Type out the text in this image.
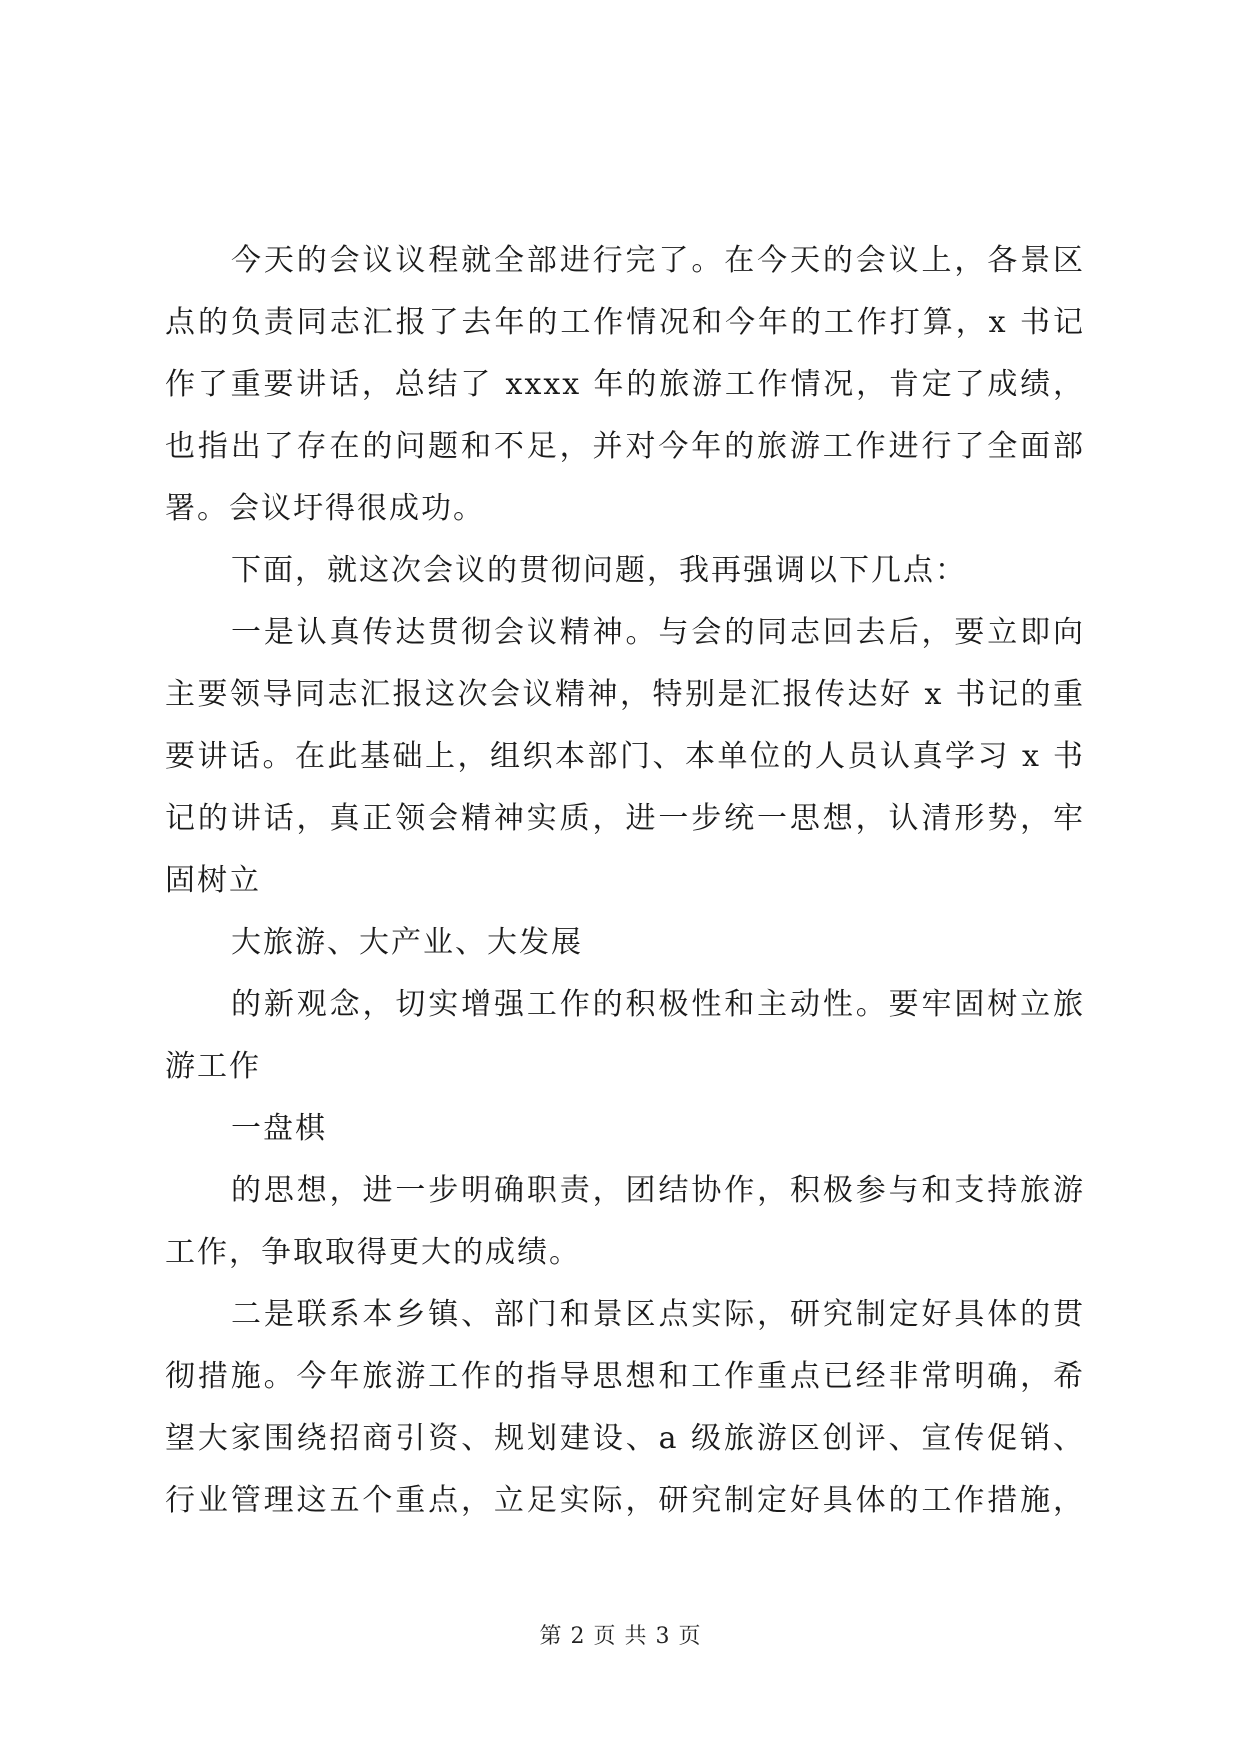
今天的会议议程就全部进行完了。在今天的会议上，各景区
点的负责同志汇报了去年的工作情况和今年的工作打算，x 书记
作了重要讲话，总结了 xxxx 年的旅游工作情况，肯定了成绩，
也指出了存在的问题和不足，并对今年的旅游工作进行了全面部
署。会议圩得很成功。
下面，就这次会议的贯彻问题，我再强调以下几点：
一是认真传达贯彻会议精神。与会的同志回去后，要立即向
主要领导同志汇报这次会议精神，特别是汇报传达好 x 书记的重
要讲话。在此基础上，组织本部门、本单位的人员认真学习 x 书
记的讲话，真正领会精神实质，进一步统一思想，认清形势，牢
固树立
大旅游、大产业、大发展
的新观念，切实增强工作的积极性和主动性。要牢固树立旅
游工作
一盘棋
的思想，进一步明确职责，团结协作，积极参与和支持旅游
工作，争取取得更大的成绩。
二是联系本乡镇、部门和景区点实际，研究制定好具体的贯
彻措施。今年旅游工作的指导思想和工作重点已经非常明确，希
望大家围绕招商引资、规划建设、a 级旅游区创评、宣传促销、
行业管理这五个重点，立足实际，研究制定好具体的工作措施，
第 2 页 共 3 页
